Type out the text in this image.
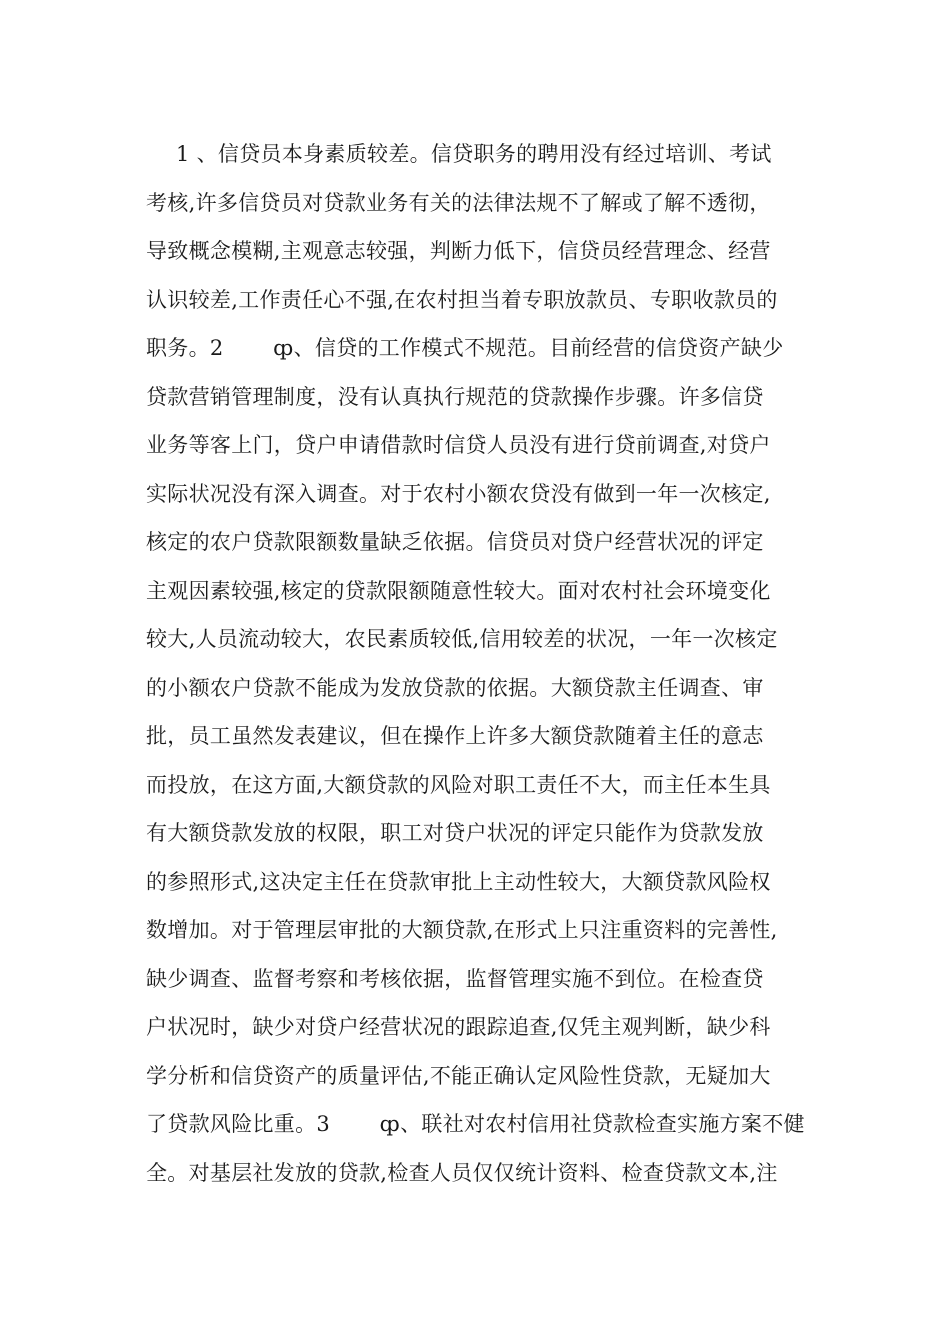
1 、信贷员本身素质较差。信贷职务的聘用没有经过培训、考试
考核,许多信贷员对贷款业务有关的法律法规不了解或了解不透彻，
导致概念模糊,主观意志较强，判断力低下，信贷员经营理念、经营
认识较差,工作责任心不强,在农村担当着专职放款员、专职收款员的
职务。2 　　ȹ、信贷的工作模式不规范。目前经营的信贷资产缺少
贷款营销管理制度，没有认真执行规范的贷款操作步骤。许多信贷
业务等客上门，贷户申请借款时信贷人员没有进行贷前调查,对贷户
实际状况没有深入调查。对于农村小额农贷没有做到一年一次核定,
核定的农户贷款限额数量缺乏依据。信贷员对贷户经营状况的评定
主观因素较强,核定的贷款限额随意性较大。面对农村社会环境变化
较大,人员流动较大，农民素质较低,信用较差的状况，一年一次核定
的小额农户贷款不能成为发放贷款的依据。大额贷款主任调查、审
批，员工虽然发表建议，但在操作上许多大额贷款随着主任的意志
而投放，在这方面,大额贷款的风险对职工责任不大，而主任本生具
有大额贷款发放的权限，职工对贷户状况的评定只能作为贷款发放
的参照形式,这决定主任在贷款审批上主动性较大，大额贷款风险权
数增加。对于管理层审批的大额贷款,在形式上只注重资料的完善性,
缺少调查、监督考察和考核依据，监督管理实施不到位。在检查贷
户状况时，缺少对贷户经营状况的跟踪追查,仅凭主观判断，缺少科
学分析和信贷资产的质量评估,不能正确认定风险性贷款，无疑加大
了贷款风险比重。3 　　ȹ、联社对农村信用社贷款检查实施方案不健
全。对基层社发放的贷款,检查人员仅仅统计资料、检查贷款文本,注
